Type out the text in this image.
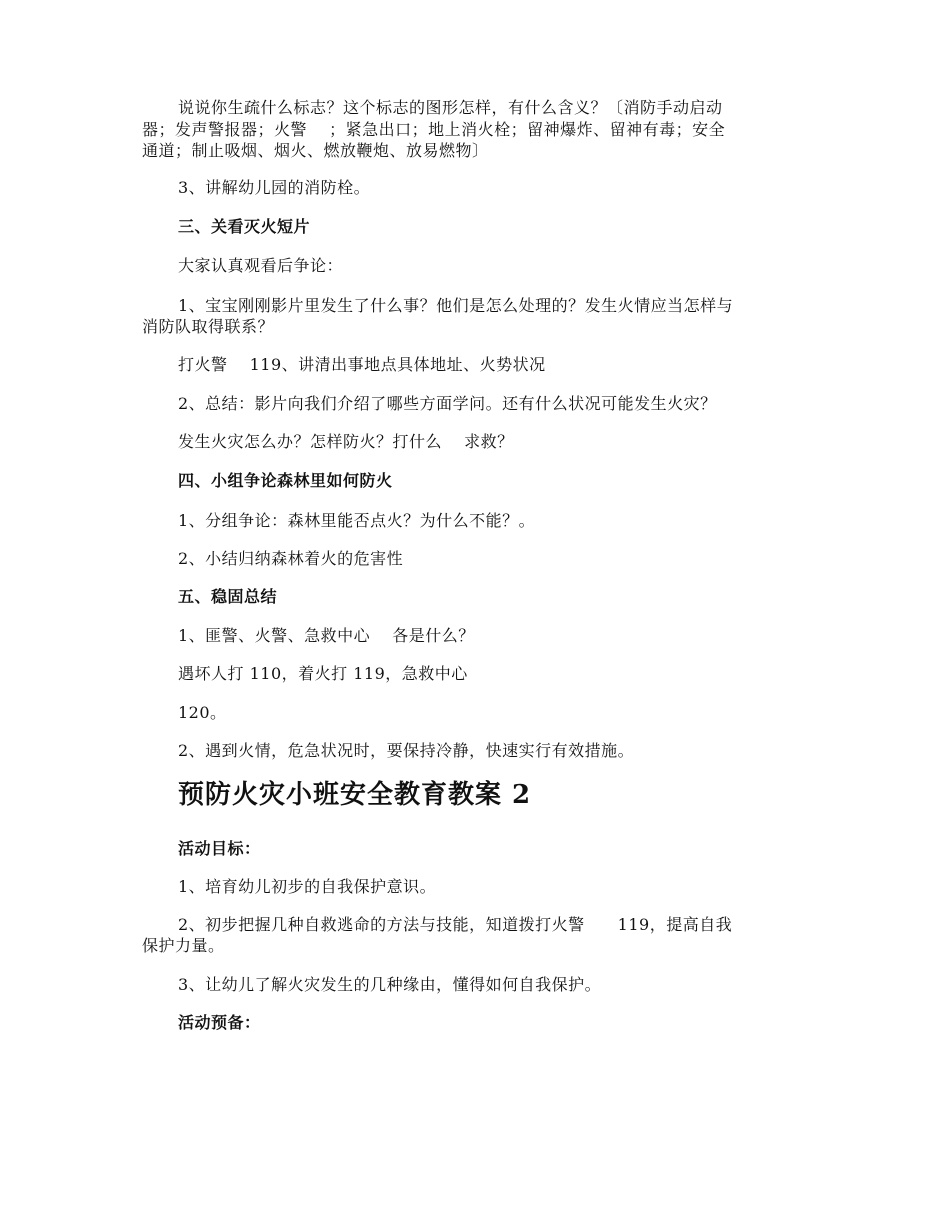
说说你生疏什么标志？这个标志的图形怎样，有什么含义？〔消防手动启动
器；发声警报器；火警　 ；紧急出口；地上消火栓；留神爆炸、留神有毒；安全
通道；制止吸烟、烟火、燃放鞭炮、放易燃物〕
3、讲解幼儿园的消防栓。
三、关看灭火短片
大家认真观看后争论：
1、宝宝刚刚影片里发生了什么事？他们是怎么处理的？发生火情应当怎样与
消防队取得联系？
打火警　 119、讲清出事地点具体地址、火势状况
2、总结：影片向我们介绍了哪些方面学问。还有什么状况可能发生火灾？
发生火灾怎么办？怎样防火？打什么　 求救？
四、小组争论森林里如何防火
1、分组争论：森林里能否点火？为什么不能？。
2、小结归纳森林着火的危害性
五、稳固总结
1、匪警、火警、急救中心　 各是什么？
遇坏人打 110，着火打 119，急救中心
120。
2、遇到火情，危急状况时，要保持冷静，快速实行有效措施。
预防火灾小班安全教育教案 2
活动目标：
1、培育幼儿初步的自我保护意识。
2、初步把握几种自救逃命的方法与技能，知道拨打火警　　119，提高自我
保护力量。
3、让幼儿了解火灾发生的几种缘由，懂得如何自我保护。
活动预备：
